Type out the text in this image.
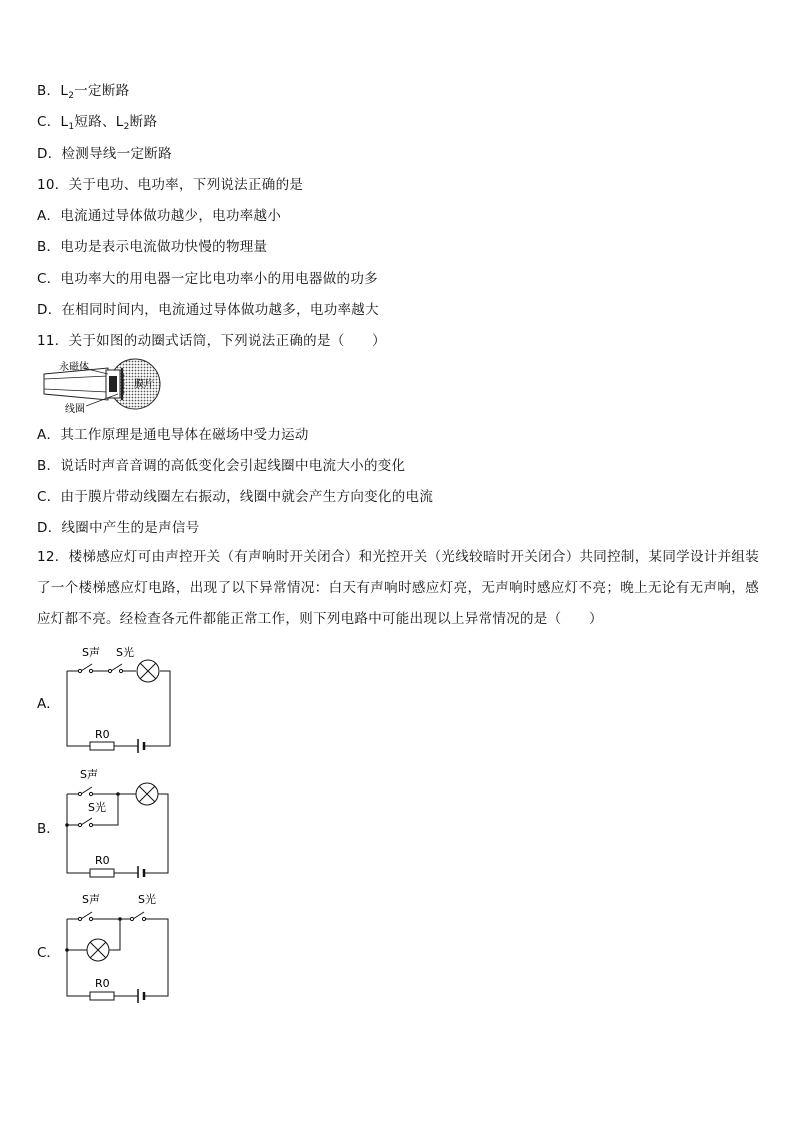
B．$L_2$一定断路
C．$L_1$短路、$L_2$断路
D．检测导线一定断路
10．关于电功、电功率，下列说法正确的是
A．电流通过导体做功越少，电功率越小
B．电功是表示电流做功快慢的物理量
C．电功率大的用电器一定比电功率小的用电器做的功多
D．在相同时间内，电流通过导体做功越多，电功率越大
11．关于如图的动圈式话筒，下列说法正确的是（　　）
永磁体
膜片
线圈
A．其工作原理是通电导体在磁场中受力运动
B．说话时声音音调的高低变化会引起线圈中电流大小的变化
C．由于膜片带动线圈左右振动，线圈中就会产生方向变化的电流
D．线圈中产生的是声信号
12．楼梯感应灯可由声控开关（有声响时开关闭合）和光控开关（光线较暗时开关闭合）共同控制，某同学设计并组装了一个楼梯感应灯电路，出现了以下异常情况：白天有声响时感应灯亮，无声响时感应灯不亮；晚上无论有无声响，感应灯都不亮。经检查各元件都能正常工作，则下列电路中可能出现以上异常情况的是（　　）
A．
S声 S光
R0
B．
S声
S光
R0
C．
S声	S光
R0
